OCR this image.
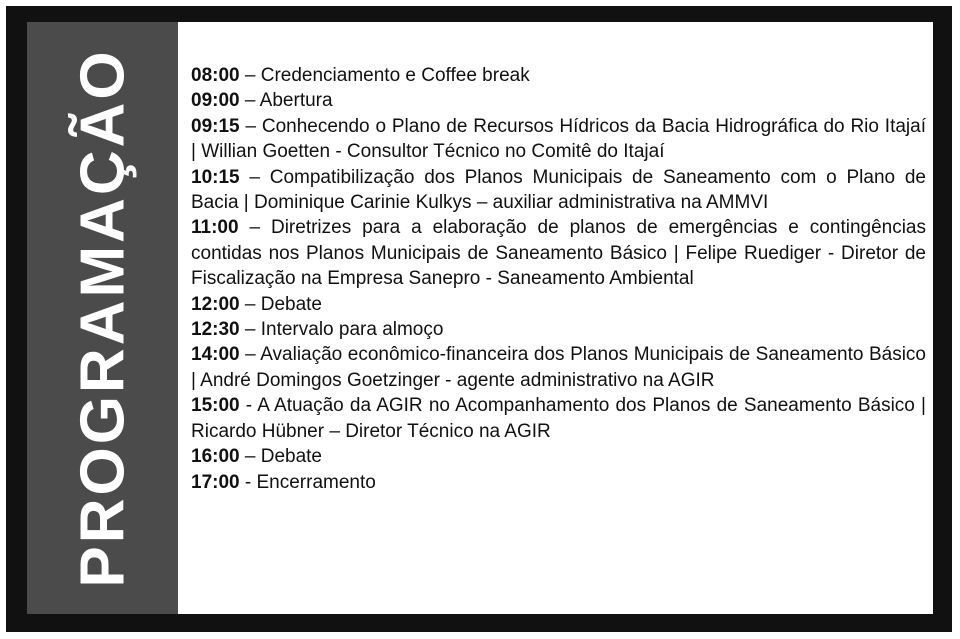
PROGRAMAÇÃO	08:00 – Credenciamento e Coffee break
09:00 – Abertura
09:15 – Conhecendo o Plano de Recursos Hídricos da Bacia Hidrográfica do Rio Itajaí | Willian Goetten - Consultor Técnico no Comitê do Itajaí
10:15 – Compatibilização dos Planos Municipais de Saneamento com o Plano de Bacia | Dominique Carinie Kulkys – auxiliar administrativa na AMMVI
11:00 – Diretrizes para a elaboração de planos de emergências e contingências contidas nos Planos Municipais de Saneamento Básico | Felipe Ruediger - Diretor de Fiscalização na Empresa Sanepro - Saneamento Ambiental
12:00 – Debate
12:30 – Intervalo para almoço
14:00 – Avaliação econômico-financeira dos Planos Municipais de Saneamento Básico | André Domingos Goetzinger - agente administrativo na AGIR
15:00 - A Atuação da AGIR no Acompanhamento dos Planos de Saneamento Básico | Ricardo Hübner – Diretor Técnico na AGIR
16:00 – Debate
17:00 - Encerramento
